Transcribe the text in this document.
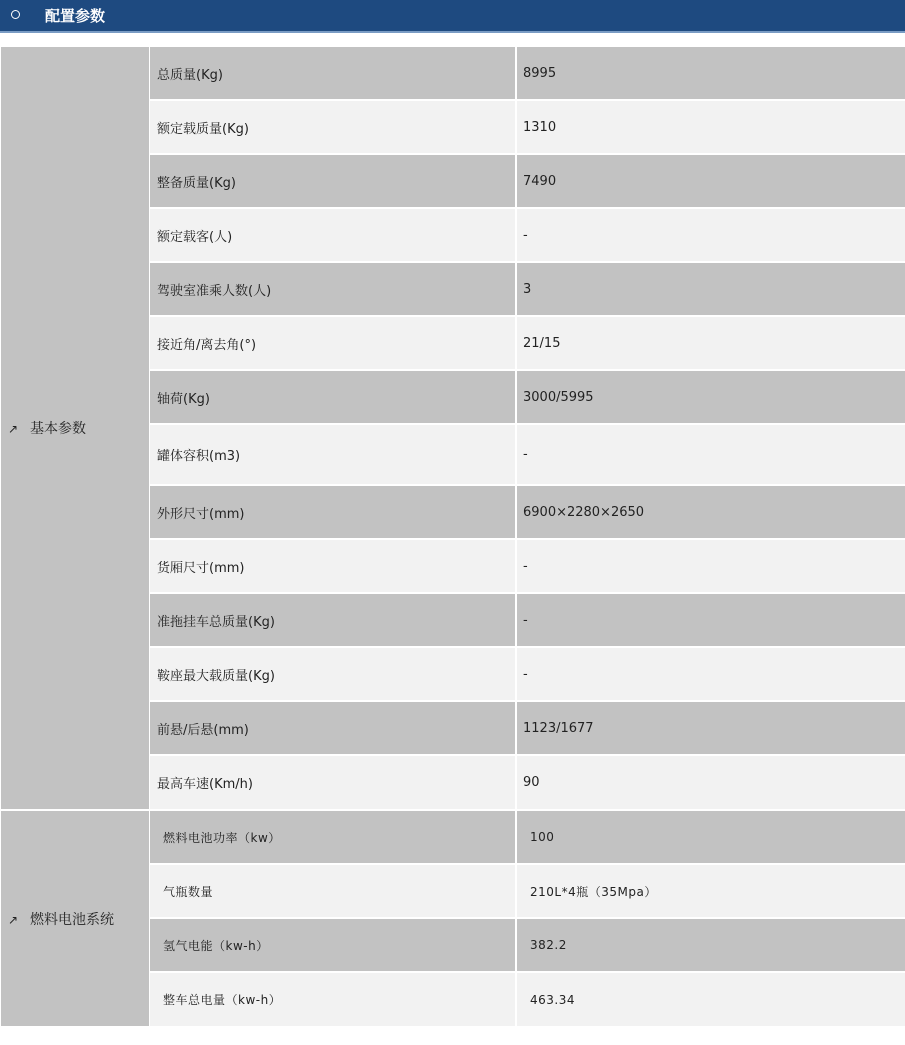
配置参数
↗ 基本参数
总质量(Kg)	8995
额定载质量(Kg)	1310
整备质量(Kg)	7490
额定载客(人)	-
驾驶室准乘人数(人)	3
接近角/离去角(°)	21/15
轴荷(Kg)	3000/5995
罐体容积(m3)	-
外形尺寸(mm)	6900×2280×2650
货厢尺寸(mm)	-
准拖挂车总质量(Kg)	-
鞍座最大载质量(Kg)	-
前悬/后悬(mm)	1123/1677
最高车速(Km/h)	90
↗ 燃料电池系统
燃料电池功率（kw）	100
气瓶数量	210L*4瓶（35Mpa）
氢气电能（kw-h）	382.2
整车总电量（kw-h）	463.34
